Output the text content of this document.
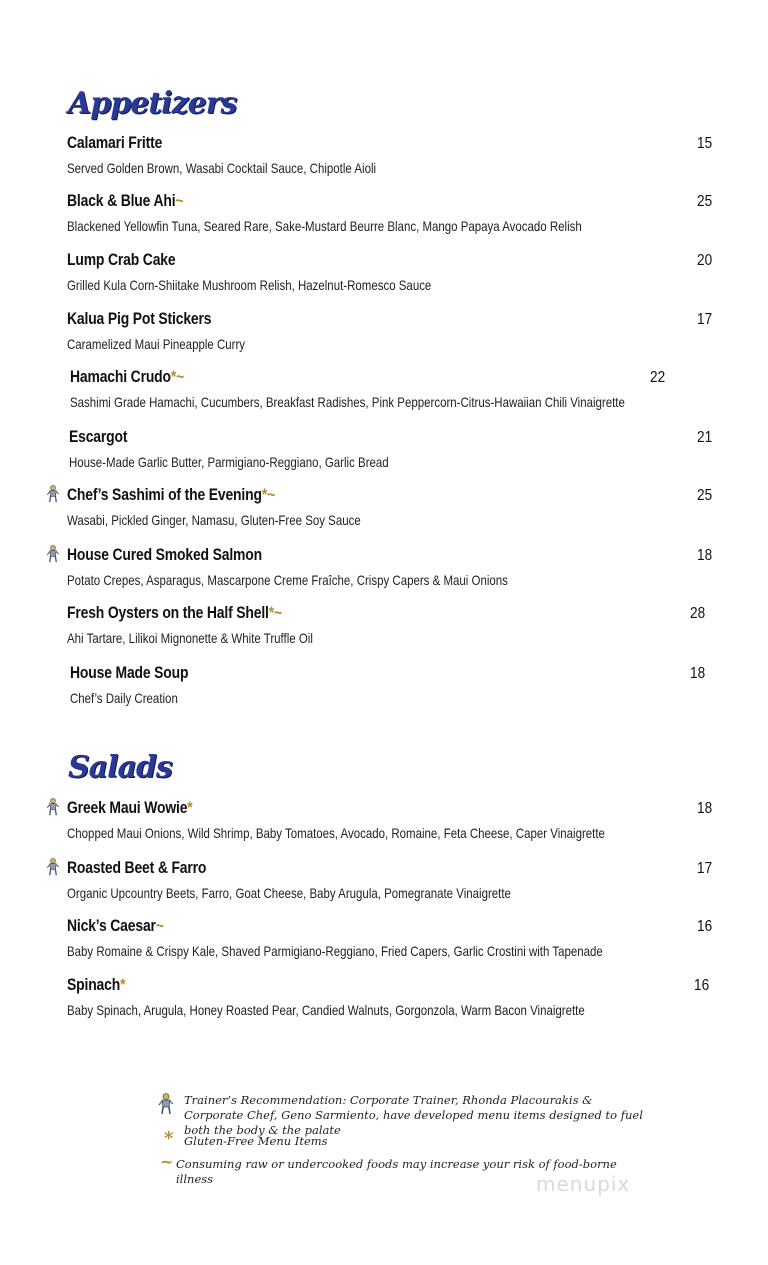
Appetizers
Calamari Fritte
Served Golden Brown, Wasabi Cocktail Sauce, Chipotle Aioli
15
Black & Blue Ahi~
Blackened Yellowfin Tuna, Seared Rare, Sake-Mustard Beurre Blanc, Mango Papaya Avocado Relish
25
Lump Crab Cake
Grilled Kula Corn-Shiitake Mushroom Relish, Hazelnut-Romesco Sauce
20
Kalua Pig Pot Stickers
Caramelized Maui Pineapple Curry
17
Hamachi Crudo*~
Sashimi Grade Hamachi, Cucumbers, Breakfast Radishes, Pink Peppercorn-Citrus-Hawaiian Chili Vinaigrette
22
Escargot
House-Made Garlic Butter, Parmigiano-Reggiano, Garlic Bread
21
Chef’s Sashimi of the Evening*~
Wasabi, Pickled Ginger, Namasu, Gluten-Free Soy Sauce
25
House Cured Smoked Salmon
Potato Crepes, Asparagus, Mascarpone Creme Fraîche, Crispy Capers & Maui Onions
18
Fresh Oysters on the Half Shell*~
Ahi Tartare, Lilikoi Mignonette & White Truffle Oil
28
House Made Soup
Chef’s Daily Creation
18
Salads
Greek Maui Wowie*
Chopped Maui Onions, Wild Shrimp, Baby Tomatoes, Avocado, Romaine, Feta Cheese, Caper Vinaigrette
18
Roasted Beet & Farro
Organic Upcountry Beets, Farro, Goat Cheese, Baby Arugula, Pomegranate Vinaigrette
17
Nick’s Caesar~
Baby Romaine & Crispy Kale, Shaved Parmigiano-Reggiano, Fried Capers, Garlic Crostini with Tapenade
16
Spinach*
Baby Spinach, Arugula, Honey Roasted Pear, Candied Walnuts, Gorgonzola, Warm Bacon Vinaigrette
16
Trainer’s Recommendation: Corporate Trainer, Rhonda Placourakis & Corporate Chef, Geno Sarmiento, have developed menu items designed to fuel both the body & the palate
* Gluten-Free Menu Items
~ Consuming raw or undercooked foods may increase your risk of food-borne illness	menupix
